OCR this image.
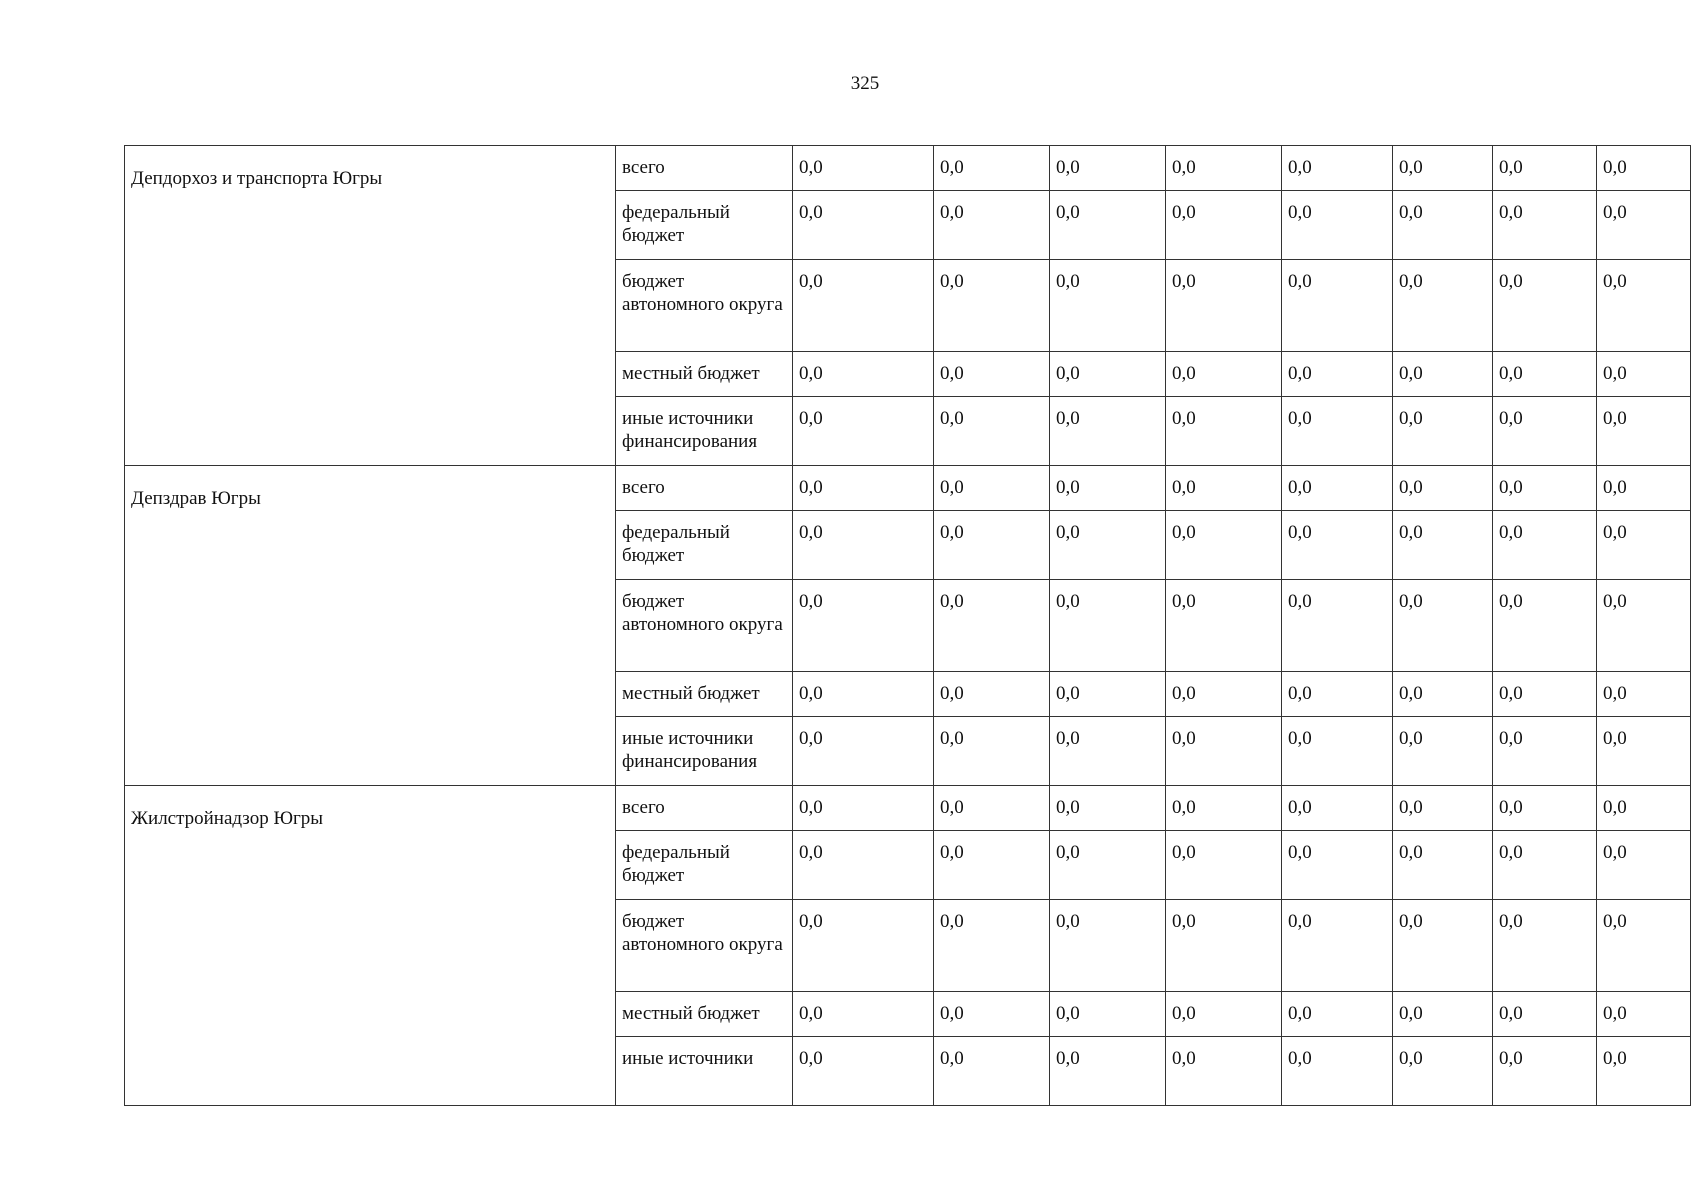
325
Депдорхоз и транспорта Югры	всего	0,0	0,0	0,0	0,0	0,0	0,0	0,0	0,0
	федеральный бюджет	0,0	0,0	0,0	0,0	0,0	0,0	0,0	0,0
	бюджет автономного округа	0,0	0,0	0,0	0,0	0,0	0,0	0,0	0,0
	местный бюджет	0,0	0,0	0,0	0,0	0,0	0,0	0,0	0,0
	иные источники финансирования	0,0	0,0	0,0	0,0	0,0	0,0	0,0	0,0
Депздрав Югры	всего	0,0	0,0	0,0	0,0	0,0	0,0	0,0	0,0
	федеральный бюджет	0,0	0,0	0,0	0,0	0,0	0,0	0,0	0,0
	бюджет автономного округа	0,0	0,0	0,0	0,0	0,0	0,0	0,0	0,0
	местный бюджет	0,0	0,0	0,0	0,0	0,0	0,0	0,0	0,0
	иные источники финансирования	0,0	0,0	0,0	0,0	0,0	0,0	0,0	0,0
Жилстройнадзор Югры	всего	0,0	0,0	0,0	0,0	0,0	0,0	0,0	0,0
	федеральный бюджет	0,0	0,0	0,0	0,0	0,0	0,0	0,0	0,0
	бюджет автономного округа	0,0	0,0	0,0	0,0	0,0	0,0	0,0	0,0
	местный бюджет	0,0	0,0	0,0	0,0	0,0	0,0	0,0	0,0
	иные источники	0,0	0,0	0,0	0,0	0,0	0,0	0,0	0,0
